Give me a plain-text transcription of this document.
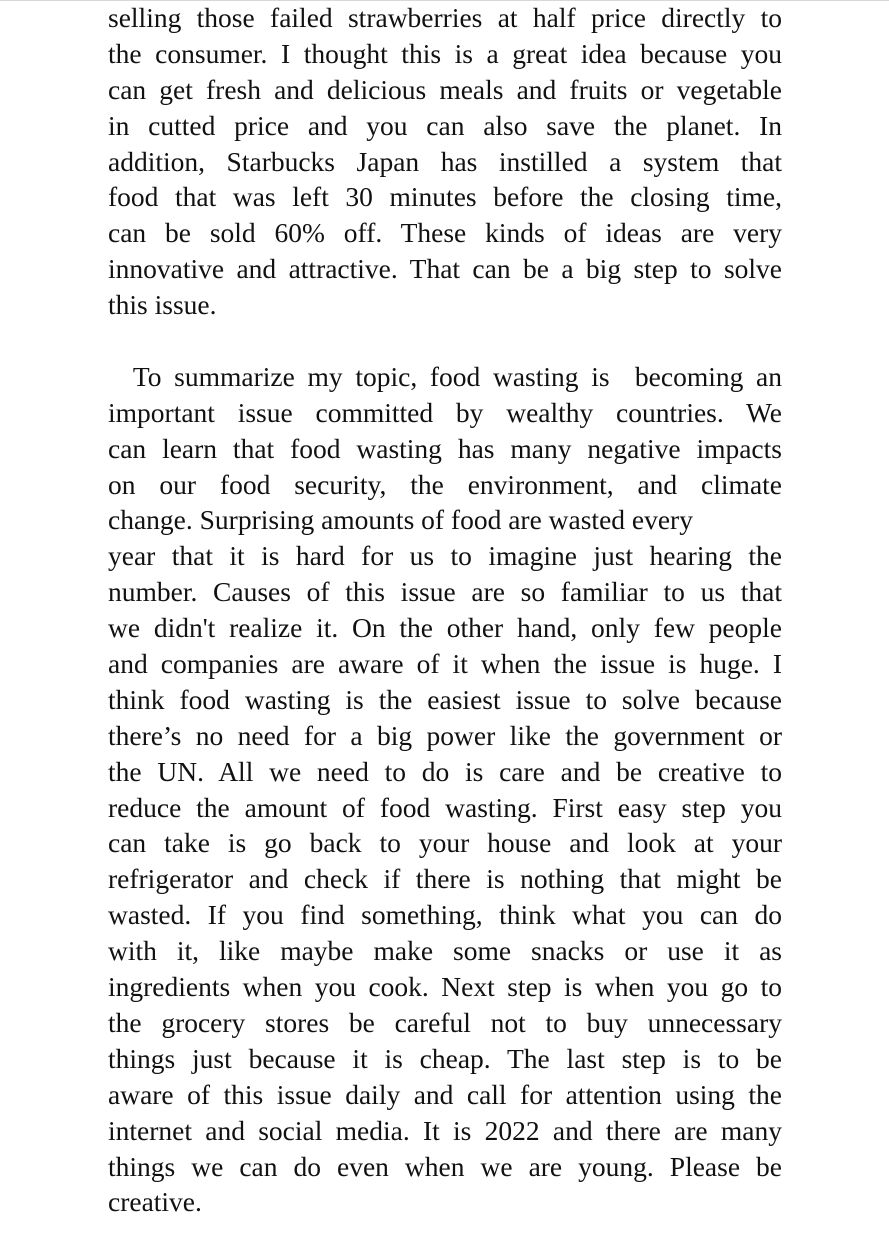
selling those failed strawberries at half price directly to
the consumer. I thought this is a great idea because you
can get fresh and delicious meals and fruits or vegetable
in cutted price and you can also save the planet. In
addition, Starbucks Japan has instilled a system that
food that was left 30 minutes before the closing time,
can be sold 60% off. These kinds of ideas are very
innovative and attractive. That can be a big step to solve
this issue.
To summarize my topic, food wasting is  becoming an
important issue committed by wealthy countries. We
can learn that food wasting has many negative impacts
on our food security, the environment, and climate
change. Surprising amounts of food are wasted every
year that it is hard for us to imagine just hearing the
number. Causes of this issue are so familiar to us that
we didn't realize it. On the other hand, only few people
and companies are aware of it when the issue is huge. I
think food wasting is the easiest issue to solve because
there’s no need for a big power like the government or
the UN. All we need to do is care and be creative to
reduce the amount of food wasting. First easy step you
can take is go back to your house and look at your
refrigerator and check if there is nothing that might be
wasted. If you find something, think what you can do
with it, like maybe make some snacks or use it as
ingredients when you cook. Next step is when you go to
the grocery stores be careful not to buy unnecessary
things just because it is cheap. The last step is to be
aware of this issue daily and call for attention using the
internet and social media. It is 2022 and there are many
things we can do even when we are young. Please be
creative.
